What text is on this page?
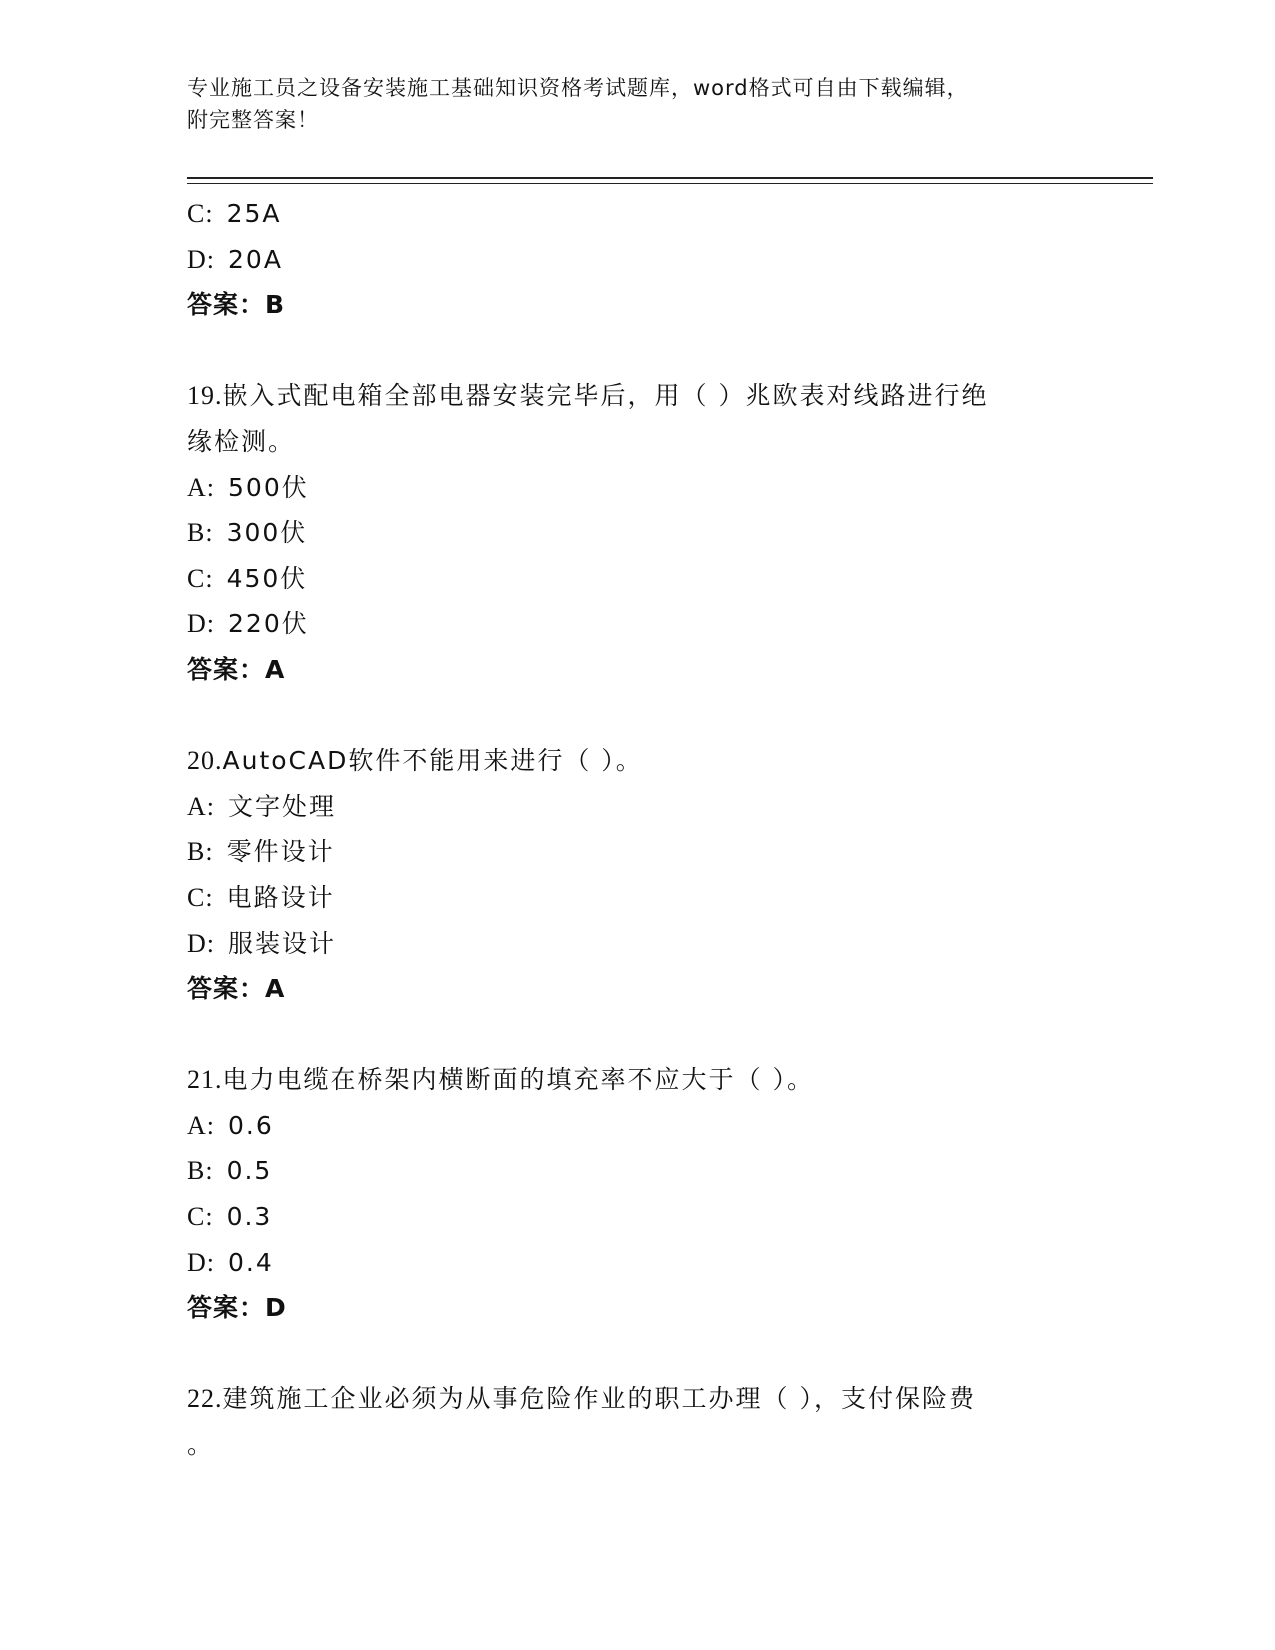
专业施工员之设备安装施工基础知识资格考试题库，word格式可自由下载编辑，
附完整答案！
C: 25A
D: 20A
答案：B
19.嵌入式配电箱全部电器安装完毕后，用（ ）兆欧表对线路进行绝
缘检测。
A: 500伏
B: 300伏
C: 450伏
D: 220伏
答案：A
20.AutoCAD软件不能用来进行（ ）。
A: 文字处理
B: 零件设计
C: 电路设计
D: 服装设计
答案：A
21.电力电缆在桥架内横断面的填充率不应大于（ ）。
A: 0.6
B: 0.5
C: 0.3
D: 0.4
答案：D
22.建筑施工企业必须为从事危险作业的职工办理（ ），支付保险费
。
